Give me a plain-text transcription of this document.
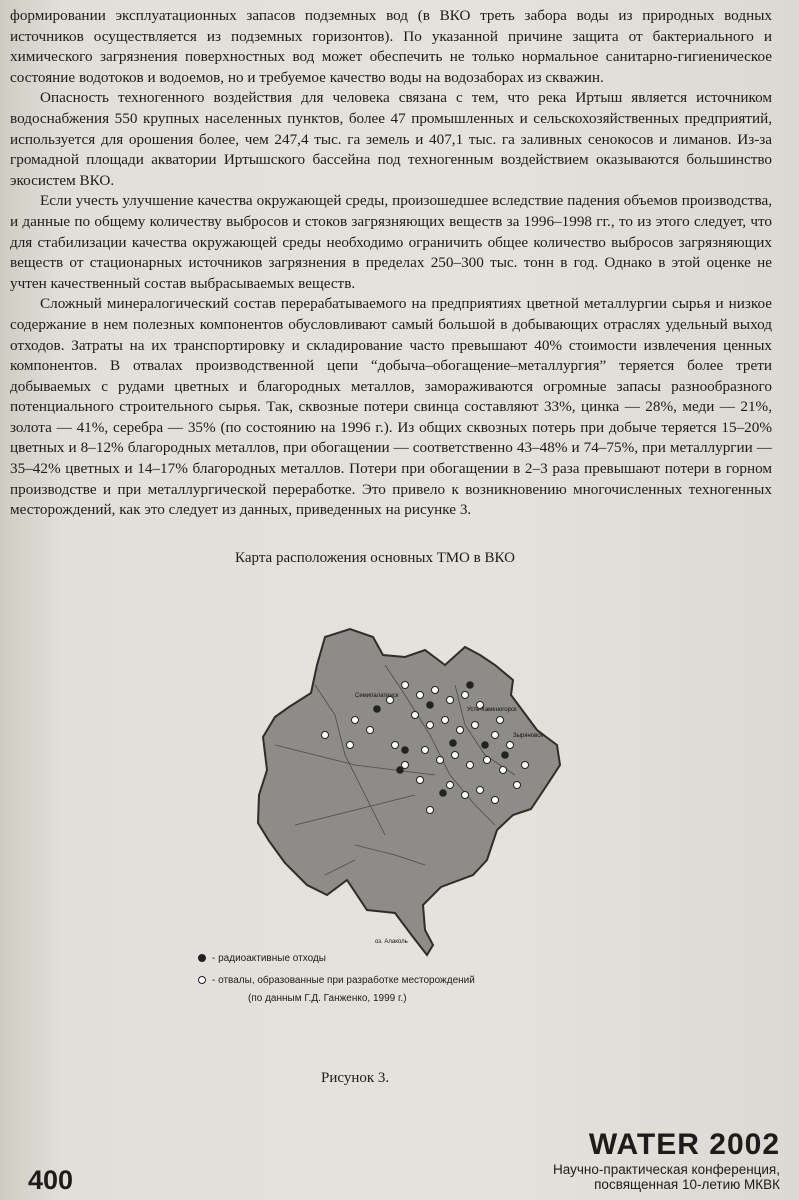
формировании эксплуатационных запасов подземных вод (в ВКО треть забора воды из природных водных источников осуществляется из подземных горизонтов). По указанной причине защита от бактериального и химического загрязнения поверхностных вод может обеспечить не только нормальное санитарно-гигиеническое состояние водотоков и водоемов, но и требуемое качество воды на водозаборах из скважин.

Опасность техногенного воздействия для человека связана с тем, что река Иртыш является источником водоснабжения 550 крупных населенных пунктов, более 47 промышленных и сельскохозяйственных предприятий, используется для орошения более, чем 247,4 тыс. га земель и 407,1 тыс. га заливных сенокосов и лиманов. Из-за громадной площади акватории Иртышского бассейна под техногенным воздействием оказываются большинство экосистем ВКО.

Если учесть улучшение качества окружающей среды, произошедшее вследствие падения объемов производства, и данные по общему количеству выбросов и стоков загрязняющих веществ за 1996–1998 гг., то из этого следует, что для стабилизации качества окружающей среды необходимо ограничить общее количество выбросов загрязняющих веществ от стационарных источников загрязнения в пределах 250–300 тыс. тонн в год. Однако в этой оценке не учтен качественный состав выбрасываемых веществ.

Сложный минералогический состав перерабатываемого на предприятиях цветной металлургии сырья и низкое содержание в нем полезных компонентов обусловливают самый большой в добывающих отраслях удельный выход отходов. Затраты на их транспортировку и складирование часто превышают 40% стоимости извлечения ценных компонентов. В отвалах производственной цепи “добыча–обогащение–металлургия” теряется более трети добываемых с рудами цветных и благородных металлов, замораживаются огромные запасы разнообразного потенциального строительного сырья. Так, сквозные потери свинца составляют 33%, цинка — 28%, меди — 21%, золота — 41%, серебра — 35% (по состоянию на 1996 г.). Из общих сквозных потерь при добыче теряется 15–20% цветных и 8–12% благородных металлов, при обогащении — соответственно 43–48% и 74–75%, при металлургии — 35–42% цветных и 14–17% благородных металлов. Потери при обогащении в 2–3 раза превышают потери в горном производстве и при металлургической переработке. Это привело к возникновению многочисленных техногенных месторождений, как это следует из данных, приведенных на рисунке 3.

Карта расположения основных ТМО в ВКО
Семипалатинск
Усть-Каменогорск
Зыряновск
оз. Алаколь
- радиоактивные отходы
- отвалы, образованные при разработке месторождений
(по данным Г.Д. Ганженко, 1999 г.)
Рисунок 3.
400
WATER 2002
Научно-практическая конференция,
посвященная 10-летию МКВК
